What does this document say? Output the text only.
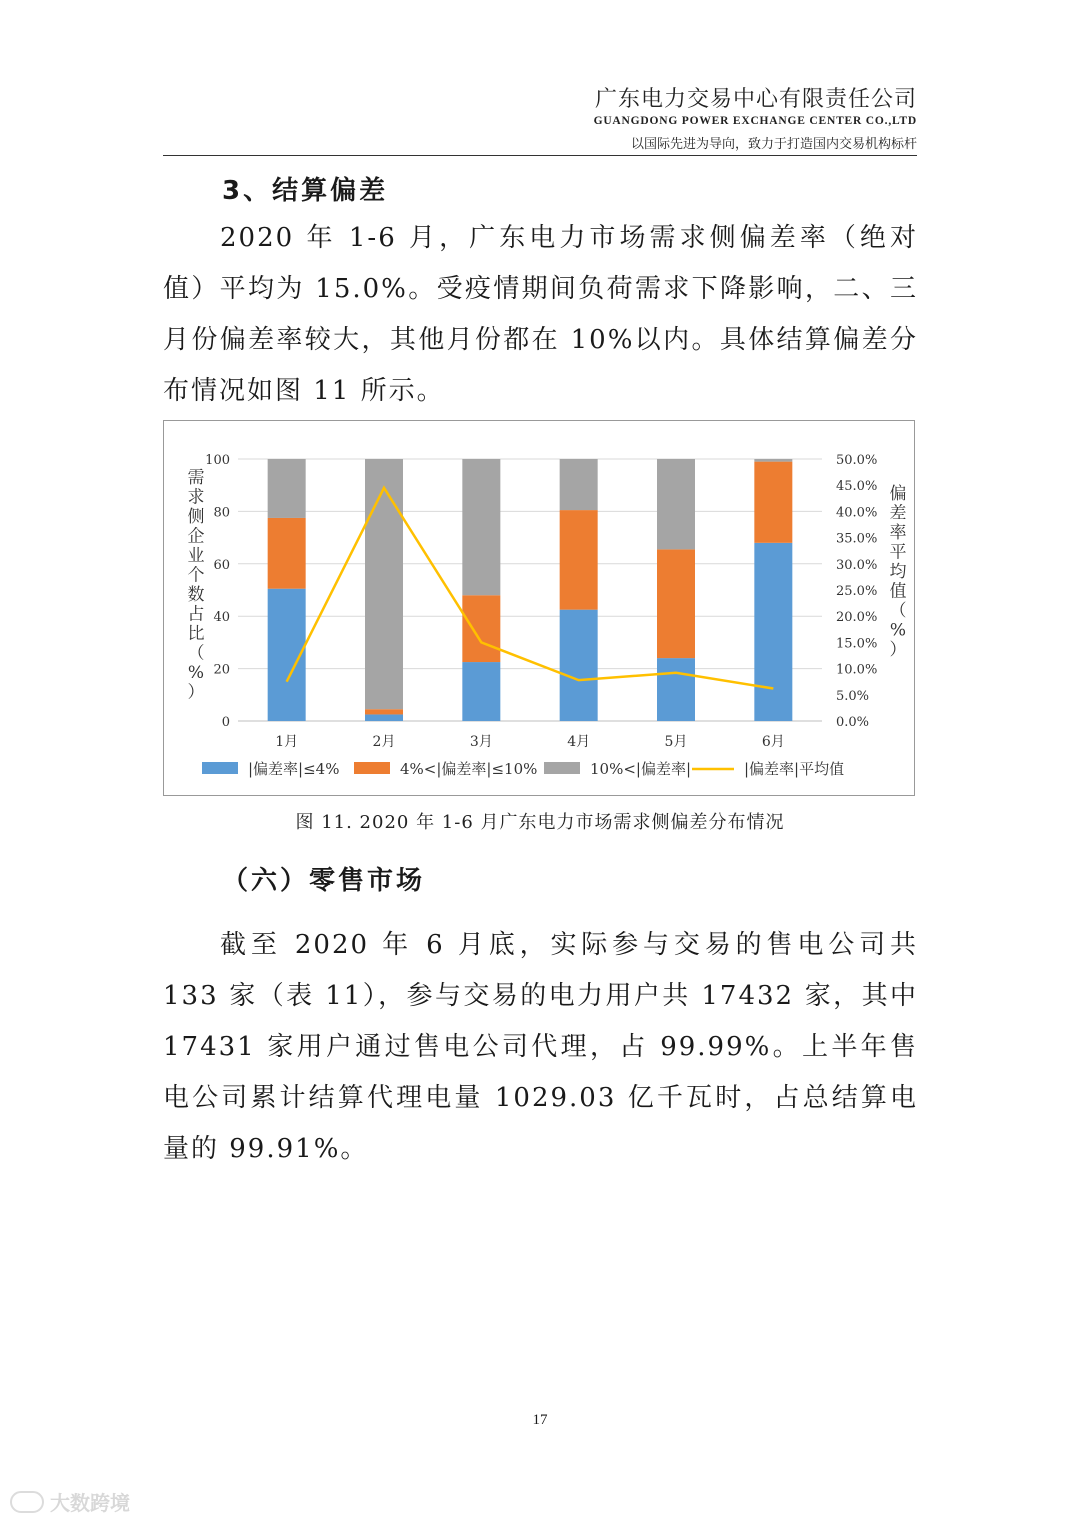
广东电力交易中心有限责任公司
GUANGDONG POWER EXCHANGE CENTER CO.,LTD
以国际先进为导向，致力于打造国内交易机构标杆
3、结算偏差

2020 年 1-6 月，广东电力市场需求侧偏差率（绝对值）平均为 15.0%。受疫情期间负荷需求下降影响，二、三月份偏差率较大，其他月份都在 10%以内。具体结算偏差分布情况如图 11 所示。

0
20
40
60
80
100
0.0%
5.0%
10.0%
15.0%
20.0%
25.0%
30.0%
35.0%
40.0%
45.0%
50.0%
1月	2月	3月	4月	5月	6月
需求侧企业个数占比（%）
偏差率平均值（%）
|偏差率|≤4%	4%<|偏差率|≤10%	10%<|偏差率|	|偏差率|平均值
图 11. 2020 年 1-6 月广东电力市场需求侧偏差分布情况
（六）零售市场

截至 2020 年 6 月底，实际参与交易的售电公司共 133 家（表 11），参与交易的电力用户共 17432 家，其中 17431 家用户通过售电公司代理，占 99.99%。上半年售电公司累计结算代理电量 1029.03 亿千瓦时，占总结算电量的 99.91%。

17
大数跨境
